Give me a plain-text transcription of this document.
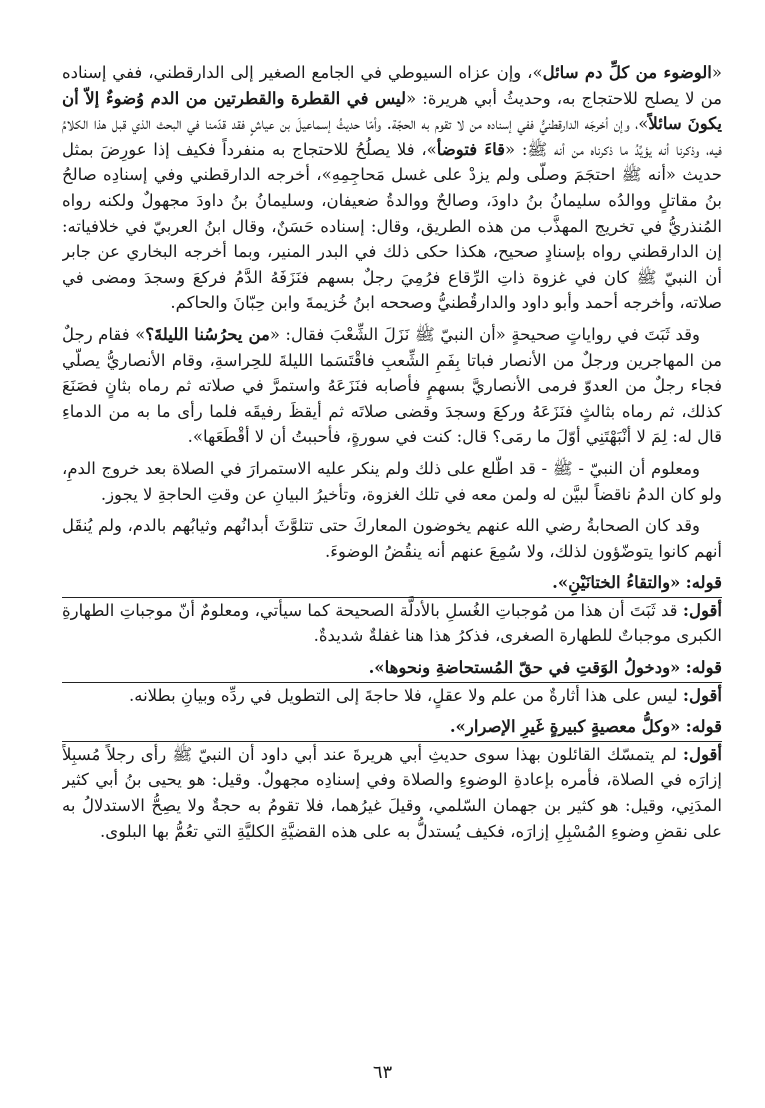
«الوضوء من كلِّ دم سائل»، وإن عزاه السيوطي في الجامع الصغير إلى الدارقطني، ففي إسناده من لا يصلح للاحتجاج به، وحديثُ أبي هريرة: «ليس في القطرة والقطرتين من الدم وُضوءٌ إلاّ أن يكونَ سائلاً»، وإن أخرجَه الدارقطنيُّ ففي إسناده من لا تقوم به الحجّة. وأمّا حديثُ إسماعيلَ بن عياشٍ فقد قدّمنا في البحث الذي قبل هذا الكلامُ فيه، وذكرنا أنه يؤيِّدُ ما ذكرناه من أنه ﷺ: «قاءَ فتوضأ»، فلا يصلُحُ للاحتجاج به منفرداً فكيف إذا عورِضَ بمثل حديث «أنه ﷺ احتجَمَ وصلّى ولم يزدْ على غسل مَحاجِمِهِ»، أخرجه الدارقطني وفي إسنادِه صالحُ بنُ مقاتلٍ ووالدُه سليمانُ بنُ داودَ، وصالحٌ ووالدةُ ضعيفان، وسليمانُ بنُ داودَ مجهولٌ ولكنه رواه المُنذريُّ في تخريج المهذَّب من هذه الطريق، وقال: إسناده حَسَنٌ، وقال ابنُ العربيّ في خلافياته: إن الدارقطني رواه بإسنادٍ صحيح، هكذا حكى ذلك في البدر المنير، وبما أخرجه البخاري عن جابر أن النبيّ ﷺ كان في غزوة ذاتِ الرِّقاع فرُمِيَ رجلٌ بسهم فنَزَفَهُ الدَّمُ فركعَ وسجدَ ومضى في صلاته، وأخرجه أحمد وأبو داود والدارقُطنيُّ وصححه ابنُ خُزيمةَ وابن حِبّانَ والحاكم.

وقد ثَبَتَ في رواياتٍ صحيحةٍ «أن النبيّ ﷺ نَزَلَ الشِّعْبَ فقال: «من يحرُسُنا الليلةَ؟» فقام رجلٌ من المهاجرين ورجلٌ من الأنصار فباتا بِفَمِ الشِّعبِ فاقْتَسَما الليلةَ للحِراسةِ، وقام الأنصاريُّ يصلّي فجاء رجلٌ من العدوّ فرمى الأنصاريَّ بسهمٍ فأصابه فنَزَعَهُ واستمرَّ في صلاته ثم رماه بثانٍ فصَنَعَ كذلك، ثم رماه بثالثٍ فنَزَعَهُ وركعَ وسجدَ وقضى صلاتَه ثم أيقظَ رفيقَه فلما رأى ما به من الدماءِ قال له: لِمَ لا أنْبَهْتَنِي أوّلَ ما رمَى؟ قال: كنت في سورةٍ، فأحببتُ أن لا أقْطَعَها».

ومعلوم أن النبيّ - ﷺ - قد اطّلع على ذلك ولم ينكر عليه الاستمرارَ في الصلاة بعد خروج الدمِ، ولو كان الدمُ ناقضاً لبيَّن له ولمن معه في تلك الغزوة، وتأخيرُ البيانِ عن وقتِ الحاجةِ لا يجوز.

وقد كان الصحابةُ رضي الله عنهم يخوضون المعاركَ حتى تتلوَّثَ أبدانُهم وثيابُهم بالدم، ولم يُنقَل أنهم كانوا يتوضّؤون لذلك، ولا سُمِعَ عنهم أنه ينقُضُ الوضوءَ.

قوله: «والتقاءُ الختانَيْنِ».

أقول: قد ثَبَتَ أن هذا من مُوجباتِ الغُسلِ بالأدلَّة الصحيحة كما سيأتي، ومعلومٌ أنّ موجباتِ الطهارةِ الكبرى موجباتٌ للطهارة الصغرى، فذكرُ هذا هنا غفلةٌ شديدةٌ.

قوله: «ودخولُ الوَقتِ في حقّ المُستحاضةِ ونحوها».

أقول: ليس على هذا أثارةٌ من علم ولا عقلٍ، فلا حاجةَ إلى التطويل في ردِّه وبيانِ بطلانه.

قوله: «وكلُّ معصيةٍ كبيرةٍ غَيرِ الإصرار».

أقول: لم يتمسّك القائلون بهذا سوى حديثِ أبي هريرةَ عند أبي داود أن النبيّ ﷺ رأى رجلاً مُسبِلاً إزارَه في الصلاة، فأمره بإعادةِ الوضوءِ والصلاة وفي إسنادِه مجهولٌ. وقيل: هو يحيى بنُ أبي كثير المدَنِي، وقيل: هو كثير بن جهمان السّلمي، وقيلَ غيرُهما، فلا تقومُ به حجةٌ ولا يصِحُّ الاستدلالُ به على نقضِ وضوءِ المُسْبِلِ إزارَه، فكيف يُستدلُّ به على هذه القضيَّةِ الكليَّةِ التي تعُمُّ بها البلوى.

٦٣
